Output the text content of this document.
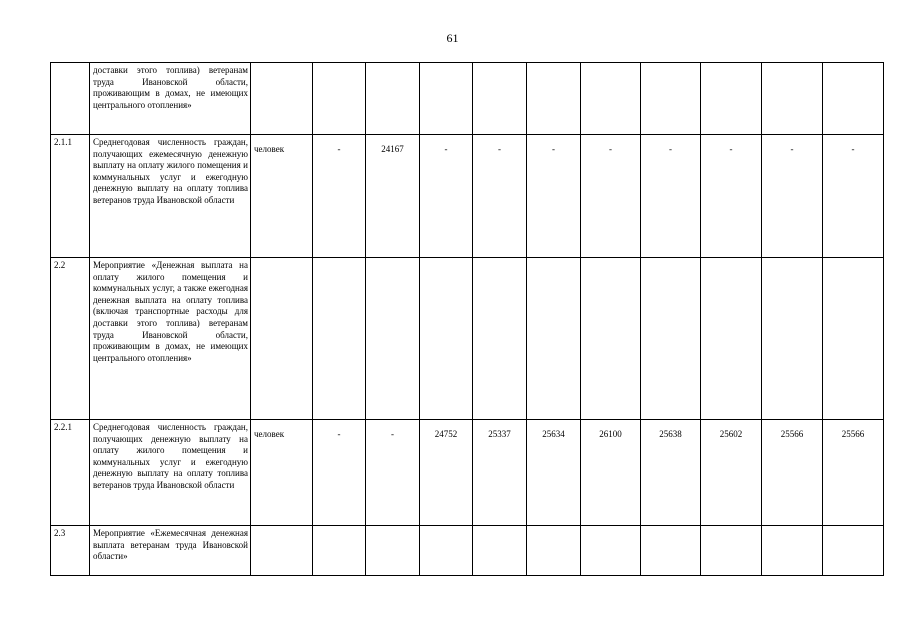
61
	доставки этого топлива) ветеранам труда Ивановской области, проживающим в домах, не имеющих центрального отопления»											
2.1.1	Среднегодовая численность граждан, получающих ежемесячную денежную выплату на оплату жилого помещения и коммунальных услуг и ежегодную денежную выплату на оплату топлива ветеранов труда Ивановской области	человек	-	24167	-	-	-	-	-	-	-	-
2.2	Мероприятие «Денежная выплата на оплату жилого помещения и коммунальных услуг, а также ежегодная денежная выплата на оплату топлива (включая транспортные расходы для доставки этого топлива) ветеранам труда Ивановской области, проживающим в домах, не имеющих центрального отопления»											
2.2.1	Среднегодовая численность граждан, получающих денежную выплату на оплату жилого помещения и коммунальных услуг и ежегодную денежную выплату на оплату топлива ветеранов труда Ивановской области	человек	-	-	24752	25337	25634	26100	25638	25602	25566	25566
2.3	Мероприятие «Ежемесячная денежная выплата ветеранам труда Ивановской области»											
